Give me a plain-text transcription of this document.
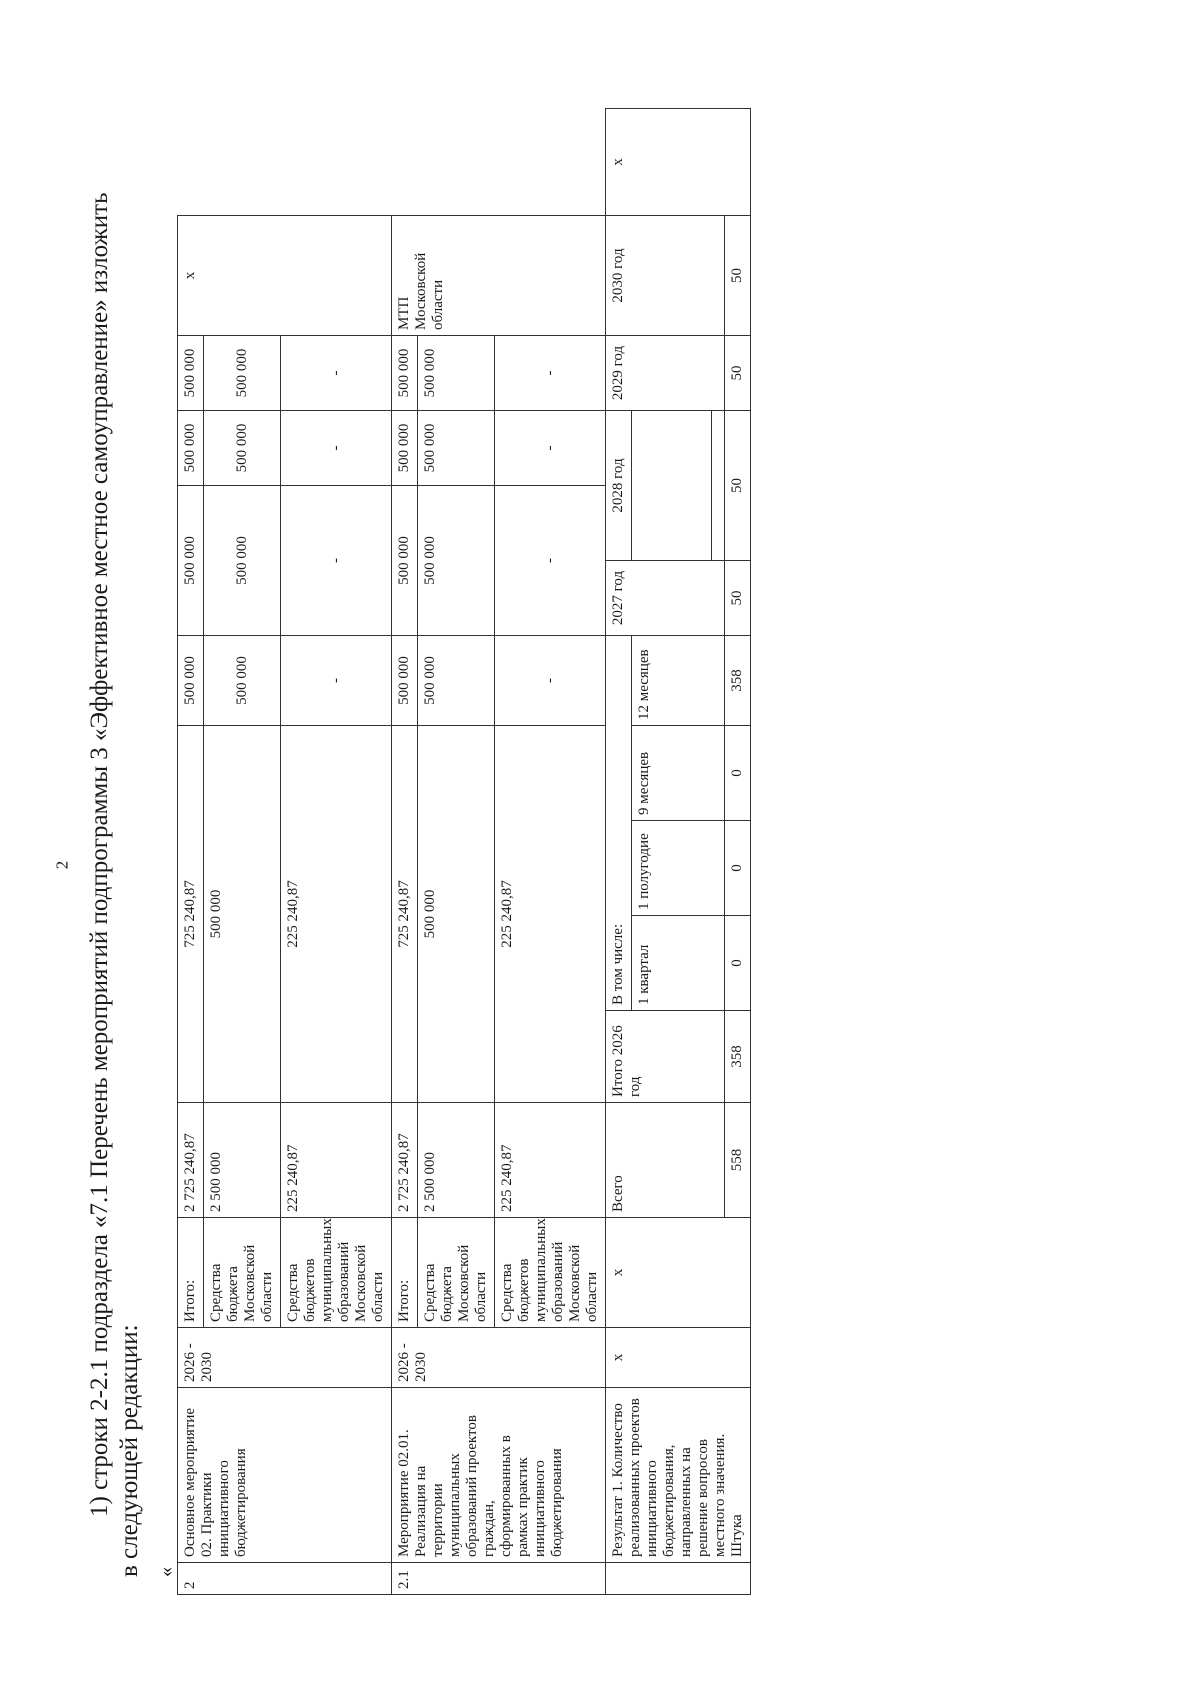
2 1) строки 2-2.1 подраздела «7.1 Перечень мероприятий подпрограммы 3 «Эффективное местное самоуправление» изложить в следующей редакции: «
2	Основное мероприятие 02. Практики инициативного бюджетирования	2026 - 2030	Итого:	2 725 240,87	725 240,87				500 000	500 000		500 000	500 000	х	
			Средства бюджета Московской области	2 500 000	500 000				500 000	500 000		500 000	500 000		
			Средства бюджетов муниципальных образований Московской области	225 240,87	225 240,87				-	-		-	-		
2.1	Мероприятие 02.01. Реализация на территории муниципальных образований проектов граждан, сформированных в рамках практик инициативного бюджетирования	2026 - 2030	Итого:	2 725 240,87	725 240,87				500 000	500 000		500 000	500 000	МТП Московской области	
			Средства бюджета Московской области	2 500 000	500 000				500 000	500 000		500 000	500 000		
			Средства бюджетов муниципальных образований Московской области	225 240,87	225 240,87				-	-		-	-		
	Результат 1. Количество реализованных проектов инициативного бюджетирования, направленных на решение вопросов местного значения. Штука	х	х	Всего	Итого 2026 год	В том числе:				2027 год	2028 год		2029 год	2030 год	х
						1 квартал	1 полугодие	9 месяцев	12 месяцев						

				558	358	0	0	0	358	50	50		50	50	
